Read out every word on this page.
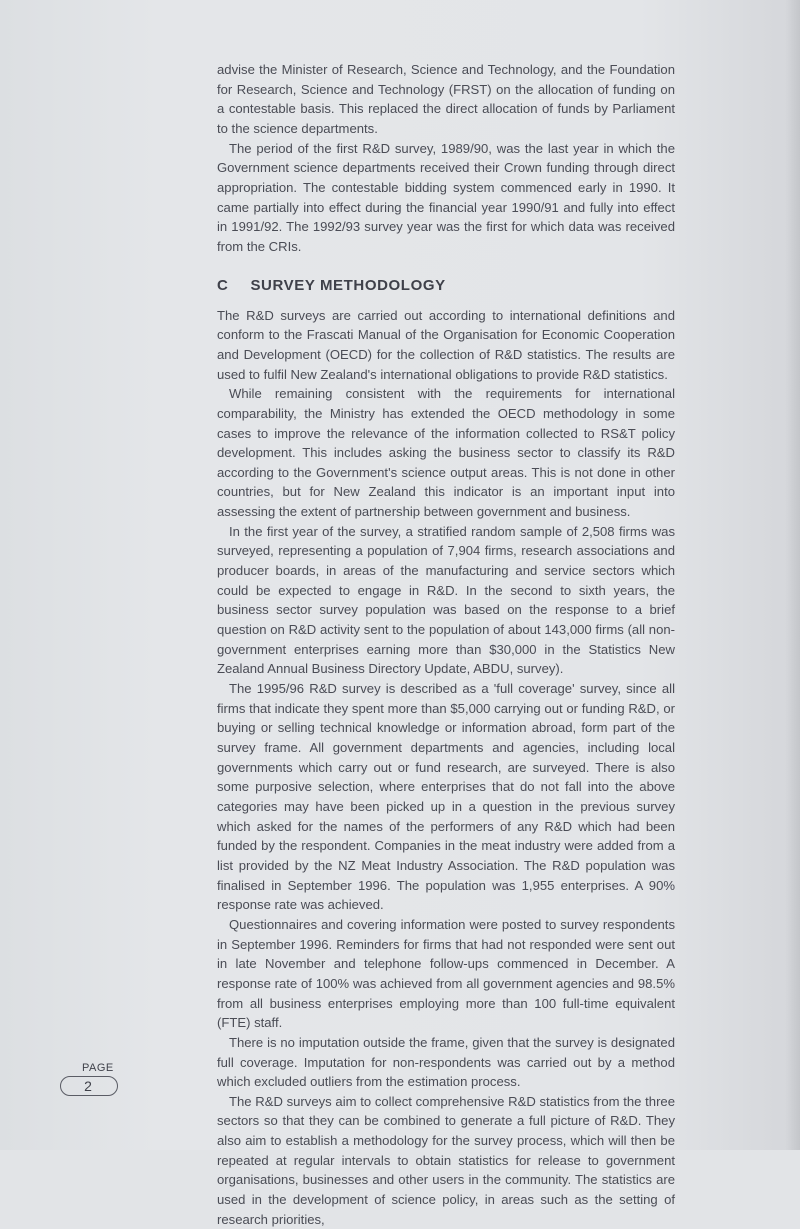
advise the Minister of Research, Science and Technology, and the Foundation for Research, Science and Technology (FRST) on the allocation of funding on a contestable basis. This replaced the direct allocation of funds by Parliament to the science departments.

The period of the first R&D survey, 1989/90, was the last year in which the Government science departments received their Crown funding through direct appropriation. The contestable bidding system commenced early in 1990. It came partially into effect during the financial year 1990/91 and fully into effect in 1991/92. The 1992/93 survey year was the first for which data was received from the CRIs.

C SURVEY METHODOLOGY

The R&D surveys are carried out according to international definitions and conform to the Frascati Manual of the Organisation for Economic Cooperation and Development (OECD) for the collection of R&D statistics. The results are used to fulfil New Zealand's international obligations to provide R&D statistics.

While remaining consistent with the requirements for international comparability, the Ministry has extended the OECD methodology in some cases to improve the relevance of the information collected to RS&T policy development. This includes asking the business sector to classify its R&D according to the Government's science output areas. This is not done in other countries, but for New Zealand this indicator is an important input into assessing the extent of partnership between government and business.

In the first year of the survey, a stratified random sample of 2,508 firms was surveyed, representing a population of 7,904 firms, research associations and producer boards, in areas of the manufacturing and service sectors which could be expected to engage in R&D. In the second to sixth years, the business sector survey population was based on the response to a brief question on R&D activity sent to the population of about 143,000 firms (all non-government enterprises earning more than $30,000 in the Statistics New Zealand Annual Business Directory Update, ABDU, survey).

The 1995/96 R&D survey is described as a 'full coverage' survey, since all firms that indicate they spent more than $5,000 carrying out or funding R&D, or buying or selling technical knowledge or information abroad, form part of the survey frame. All government departments and agencies, including local governments which carry out or fund research, are surveyed. There is also some purposive selection, where enterprises that do not fall into the above categories may have been picked up in a question in the previous survey which asked for the names of the performers of any R&D which had been funded by the respondent. Companies in the meat industry were added from a list provided by the NZ Meat Industry Association. The R&D population was finalised in September 1996. The population was 1,955 enterprises. A 90% response rate was achieved.

Questionnaires and covering information were posted to survey respondents in September 1996. Reminders for firms that had not responded were sent out in late November and telephone follow-ups commenced in December. A response rate of 100% was achieved from all government agencies and 98.5% from all business enterprises employing more than 100 full-time equivalent (FTE) staff.

There is no imputation outside the frame, given that the survey is designated full coverage. Imputation for non-respondents was carried out by a method which excluded outliers from the estimation process.

The R&D surveys aim to collect comprehensive R&D statistics from the three sectors so that they can be combined to generate a full picture of R&D. They also aim to establish a methodology for the survey process, which will then be repeated at regular intervals to obtain statistics for release to government organisations, businesses and other users in the community. The statistics are used in the development of science policy, in areas such as the setting of research priorities,

PAGE
2
